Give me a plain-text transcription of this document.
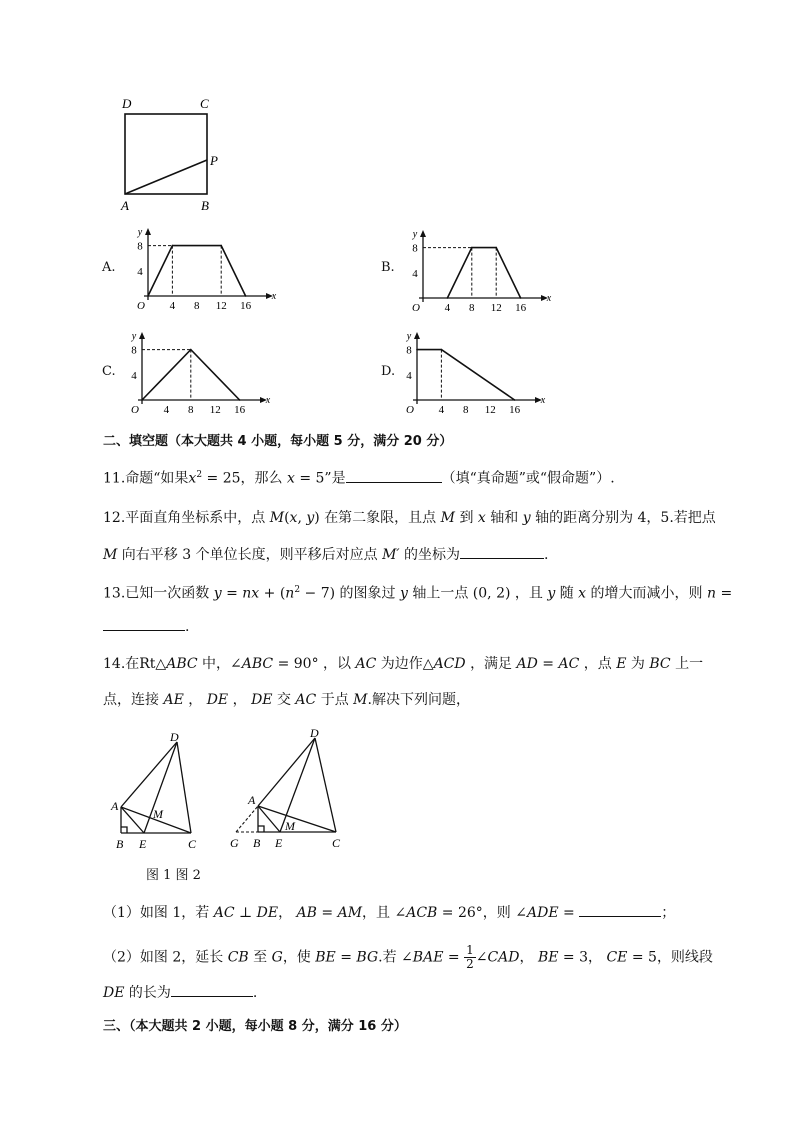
D	C
P
A	B
A.
y
x
O 4 8 12 16
8
4	B.
y
x
O 4 8 12 16
8
4
C.
y
x
O 4 8 12 16
8
4	D.
y
x
O 4 8 12 16
8
4
二、填空题（本大题共 4 小题，每小题 5 分，满分 20 分）
11.命题“如果$x^2 = 25$，那么 x = 5”是	（填“真命题”或“假命题”）.
12.平面直角坐标系中，点 M(x, y) 在第二象限，且点 M 到 x 轴和 y 轴的距离分别为 4，5.若把点
M 向右平移 3 个单位长度，则平移后对应点 M′ 的坐标为	.
13.已知一次函数 y = nx + $(n^2 - 7)$ 的图象过 y 轴上一点 (0, 2) ，且 y 随 x 的增大而减小，则 n =
.
14.在Rt△ABC 中，∠ABC = 90° ，以 AC 为边作△ACD ，满足 AD = AC ，点 E 为 BC 上一
点，连接 AE ， DE ， DE 交 AC 于点 M.解决下列问题，
D
A
M
B E	C
D
A
M
G B E	C
图 1 图 2
（1）如图 1，若 AC ⊥ DE， AB = AM，且 ∠ACB = 26°，则 ∠ADE =	；
（2）如图 2，延长 CB 至 G，使 BE = BG.若 ∠BAE = $\frac{1}{2}$ ∠CAD， BE = 3， CE = 5，则线段
DE 的长为	.
三、（本大题共 2 小题，每小题 8 分，满分 16 分）
